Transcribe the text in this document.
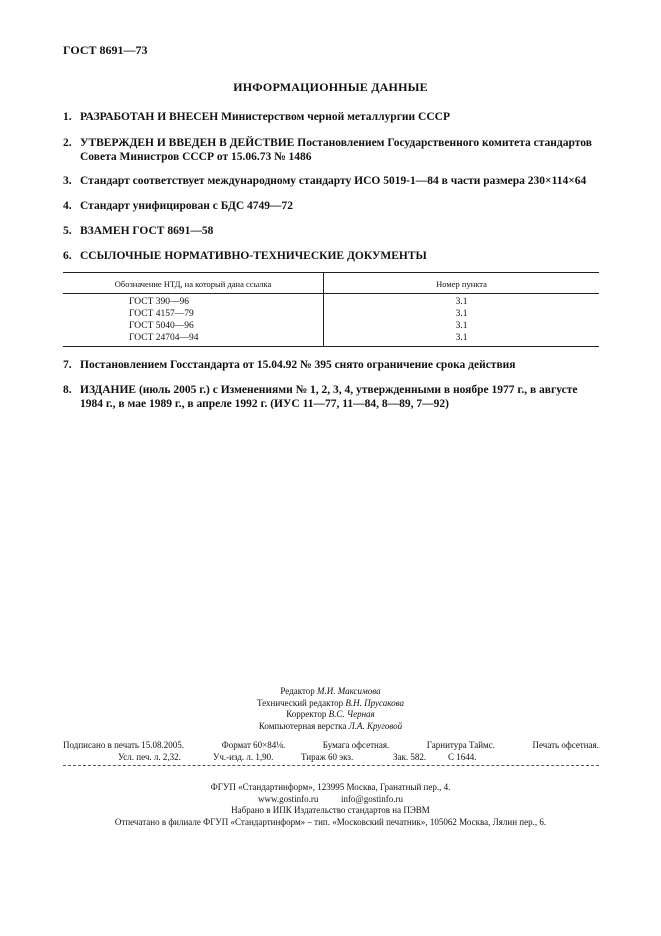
ГОСТ 8691—73
ИНФОРМАЦИОННЫЕ ДАННЫЕ
1. РАЗРАБОТАН И ВНЕСЕН Министерством черной металлургии СССР
2. УТВЕРЖДЕН И ВВЕДЕН В ДЕЙСТВИЕ Постановлением Государственного комитета стандартов
Совета Министров СССР от 15.06.73 № 1486
3. Стандарт соответствует международному стандарту ИСО 5019-1—84 в части размера 230×114×64
4. Стандарт унифицирован с БДС 4749—72
5. ВЗАМЕН ГОСТ 8691—58
6. ССЫЛОЧНЫЕ НОРМАТИВНО-ТЕХНИЧЕСКИЕ ДОКУМЕНТЫ
Обозначение НТД, на который дана ссылка	Номер пункта
ГОСТ 390—96	3.1
ГОСТ 4157—79	3.1
ГОСТ 5040—96	3.1
ГОСТ 24704—94	3.1
7. Постановлением Госстандарта от 15.04.92 № 395 снято ограничение срока действия
8. ИЗДАНИЕ (июль 2005 г.) с Изменениями № 1, 2, 3, 4, утвержденными в ноябре 1977 г., в августе
1984 г., в мае 1989 г., в апреле 1992 г. (ИУС 11—77, 11—84, 8—89, 7—92)
Редактор М.И. Максимова
Технический редактор В.Н. Прусакова
Корректор В.С. Черная
Компьютерная верстка Л.А. Круговой
Подписано в печать 15.08.2005.	Формат 60×84⅛.	Бумага офсетная.	Гарнитура Таймс.	Печать офсетная.
Усл. печ. л. 2,32.	Уч.-изд. л. 1,90.	Тираж 60 экз.	Зак. 582.	С 1644.
ФГУП «Стандартинформ», 123995 Москва, Гранатный пер., 4.
www.gostinfo.ru	info@gostinfo.ru
Набрано в ИПК Издательство стандартов на ПЭВМ
Отпечатано в филиале ФГУП «Стандартинформ» – тип. «Московский печатник», 105062 Москва, Лялин пер., 6.
